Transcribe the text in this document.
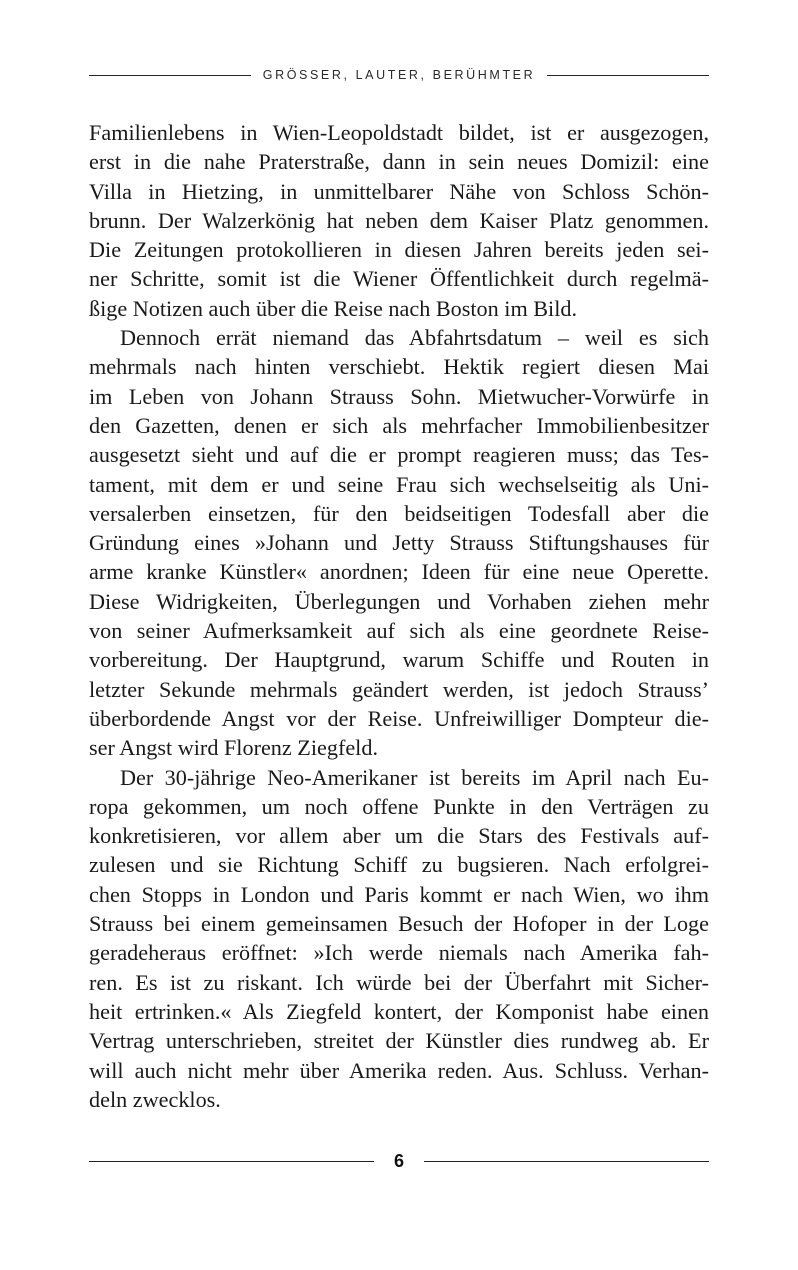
GRÖSSER, LAUTER, BERÜHMTER
Familienlebens in Wien-Leopoldstadt bildet, ist er ausgezogen,
erst in die nahe Praterstraße, dann in sein neues Domizil: eine
Villa in Hietzing, in unmittelbarer Nähe von Schloss Schön-
brunn. Der Walzerkönig hat neben dem Kaiser Platz genommen.
Die Zeitungen protokollieren in diesen Jahren bereits jeden sei-
ner Schritte, somit ist die Wiener Öffentlichkeit durch regelmä-
ßige Notizen auch über die Reise nach Boston im Bild.
Dennoch errät niemand das Abfahrtsdatum – weil es sich
mehrmals nach hinten verschiebt. Hektik regiert diesen Mai
im Leben von Johann Strauss Sohn. Mietwucher-Vorwürfe in
den Gazetten, denen er sich als mehrfacher Immobilienbesitzer
ausgesetzt sieht und auf die er prompt reagieren muss; das Tes-
tament, mit dem er und seine Frau sich wechselseitig als Uni-
versalerben einsetzen, für den beidseitigen Todesfall aber die
Gründung eines »Johann und Jetty Strauss Stiftungshauses für
arme kranke Künstler« anordnen; Ideen für eine neue Operette.
Diese Widrigkeiten, Überlegungen und Vorhaben ziehen mehr
von seiner Aufmerksamkeit auf sich als eine geordnete Reise-
vorbereitung. Der Hauptgrund, warum Schiffe und Routen in
letzter Sekunde mehrmals geändert werden, ist jedoch Strauss’
überbordende Angst vor der Reise. Unfreiwilliger Dompteur die-
ser Angst wird Florenz Ziegfeld.
Der 30-jährige Neo-Amerikaner ist bereits im April nach Eu-
ropa gekommen, um noch offene Punkte in den Verträgen zu
konkretisieren, vor allem aber um die Stars des Festivals auf-
zulesen und sie Richtung Schiff zu bugsieren. Nach erfolgrei-
chen Stopps in London und Paris kommt er nach Wien, wo ihm
Strauss bei einem gemeinsamen Besuch der Hofoper in der Loge
geradeheraus eröffnet: »Ich werde niemals nach Amerika fah-
ren. Es ist zu riskant. Ich würde bei der Überfahrt mit Sicher-
heit ertrinken.« Als Ziegfeld kontert, der Komponist habe einen
Vertrag unterschrieben, streitet der Künstler dies rundweg ab. Er
will auch nicht mehr über Amerika reden. Aus. Schluss. Verhan-
deln zwecklos.
6
